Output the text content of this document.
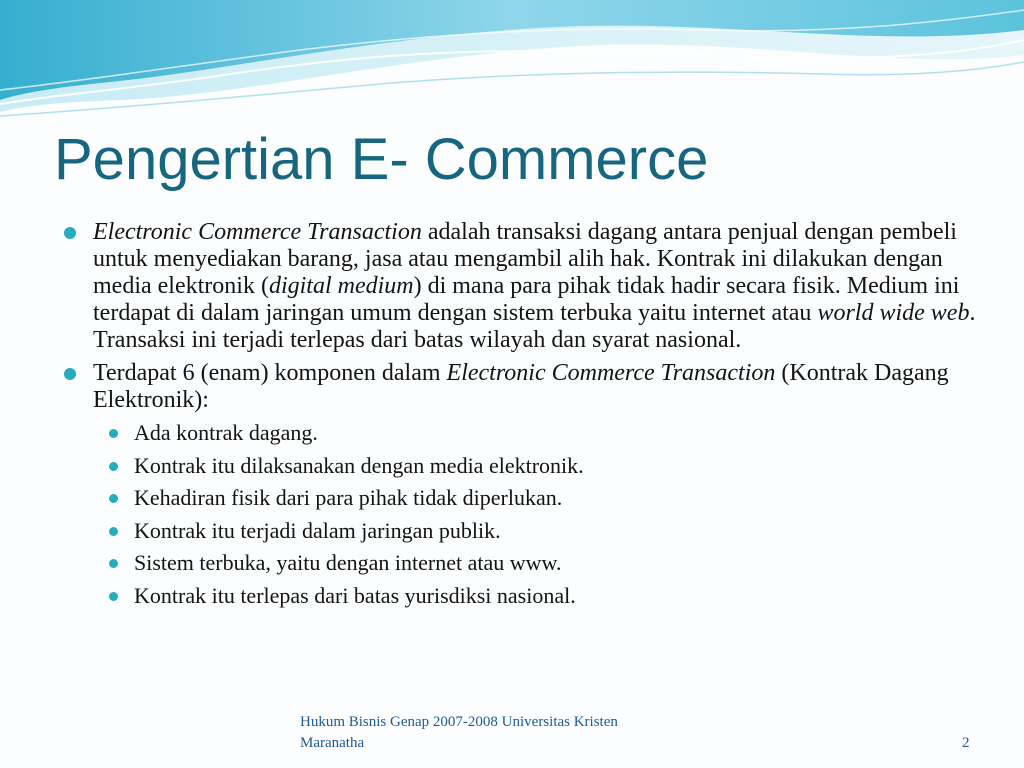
Pengertian E- Commerce

Electronic Commerce Transaction adalah transaksi dagang antara penjual dengan pembeli untuk menyediakan barang, jasa atau mengambil alih hak. Kontrak ini dilakukan dengan media elektronik (digital medium) di mana para pihak tidak hadir secara fisik. Medium ini terdapat di dalam jaringan umum dengan sistem terbuka yaitu internet atau world wide web. Transaksi ini terjadi terlepas dari batas wilayah dan syarat nasional.

Terdapat 6 (enam) komponen dalam Electronic Commerce Transaction (Kontrak Dagang Elektronik):

Ada kontrak dagang.

Kontrak itu dilaksanakan dengan media elektronik.

Kehadiran fisik dari para pihak tidak diperlukan.

Kontrak itu terjadi dalam jaringan publik.

Sistem terbuka, yaitu dengan internet atau www.

Kontrak itu terlepas dari batas yurisdiksi nasional.

Hukum Bisnis Genap 2007-2008 Universitas Kristen Maranatha	2
